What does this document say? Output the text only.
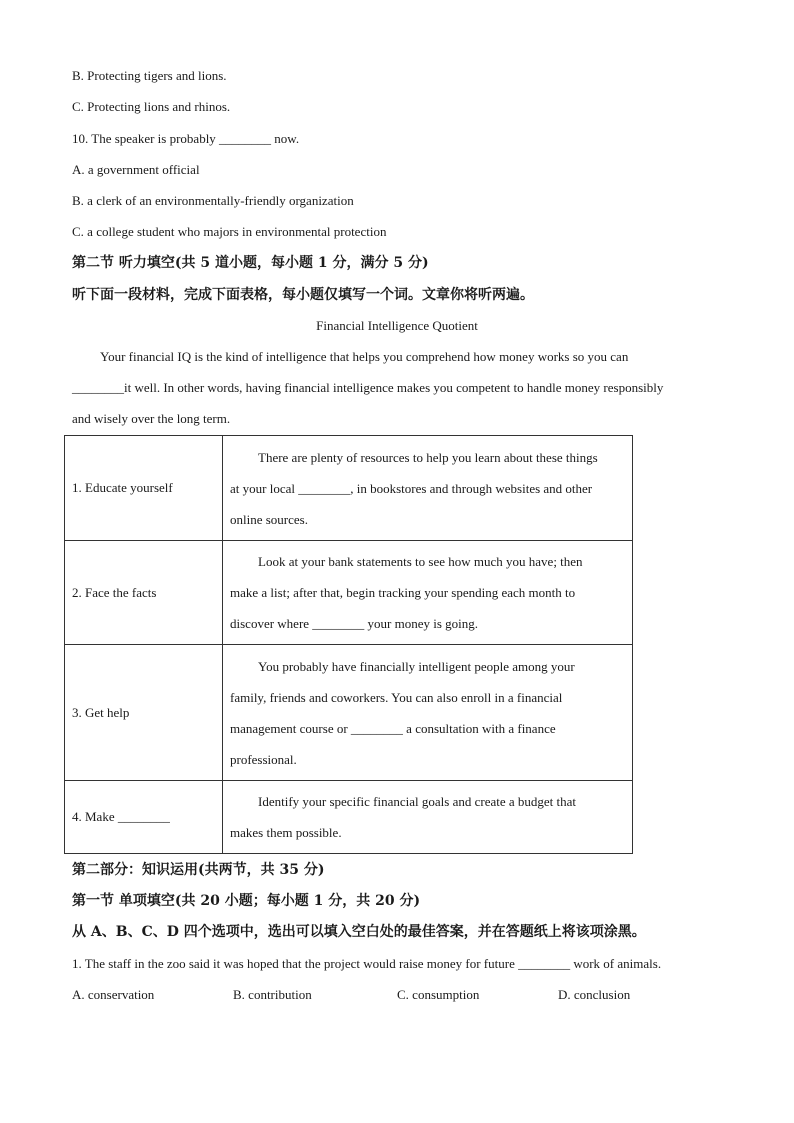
B. Protecting tigers and lions.
C. Protecting lions and rhinos.
10. The speaker is probably ________ now.
A. a government official
B. a clerk of an environmentally-friendly organization
C. a college student who majors in environmental protection
第二节 听力填空(共 5 道小题，每小题 1 分，满分 5 分)
听下面一段材料，完成下面表格，每小题仅填写一个词。文章你将听两遍。
Financial Intelligence Quotient
Your financial IQ is the kind of intelligence that helps you comprehend how money works so you can
________it well. In other words, having financial intelligence makes you competent to handle money responsibly
and wisely over the long term.
1. Educate yourself	There are plenty of resources to help you learn about these things
at your local ________, in bookstores and through websites and other
online sources.

2. Face the facts	Look at your bank statements to see how much you have; then
make a list; after that, begin tracking your spending each month to
discover where ________ your money is going.

3. Get help	You probably have financially intelligent people among your
family, friends and coworkers. You can also enroll in a financial
management course or ________ a consultation with a finance
professional.

4. Make ________	Identify your specific financial goals and create a budget that
makes them possible.
第二部分：知识运用(共两节，共 35 分)
第一节 单项填空(共 20 小题；每小题 1 分，共 20 分)
从 A、B、C、D 四个选项中，选出可以填入空白处的最佳答案，并在答题纸上将该项涂黑。
1. The staff in the zoo said it was hoped that the project would raise money for future ________ work of animals.
A. conservation	B. contribution	C. consumption	D. conclusion
